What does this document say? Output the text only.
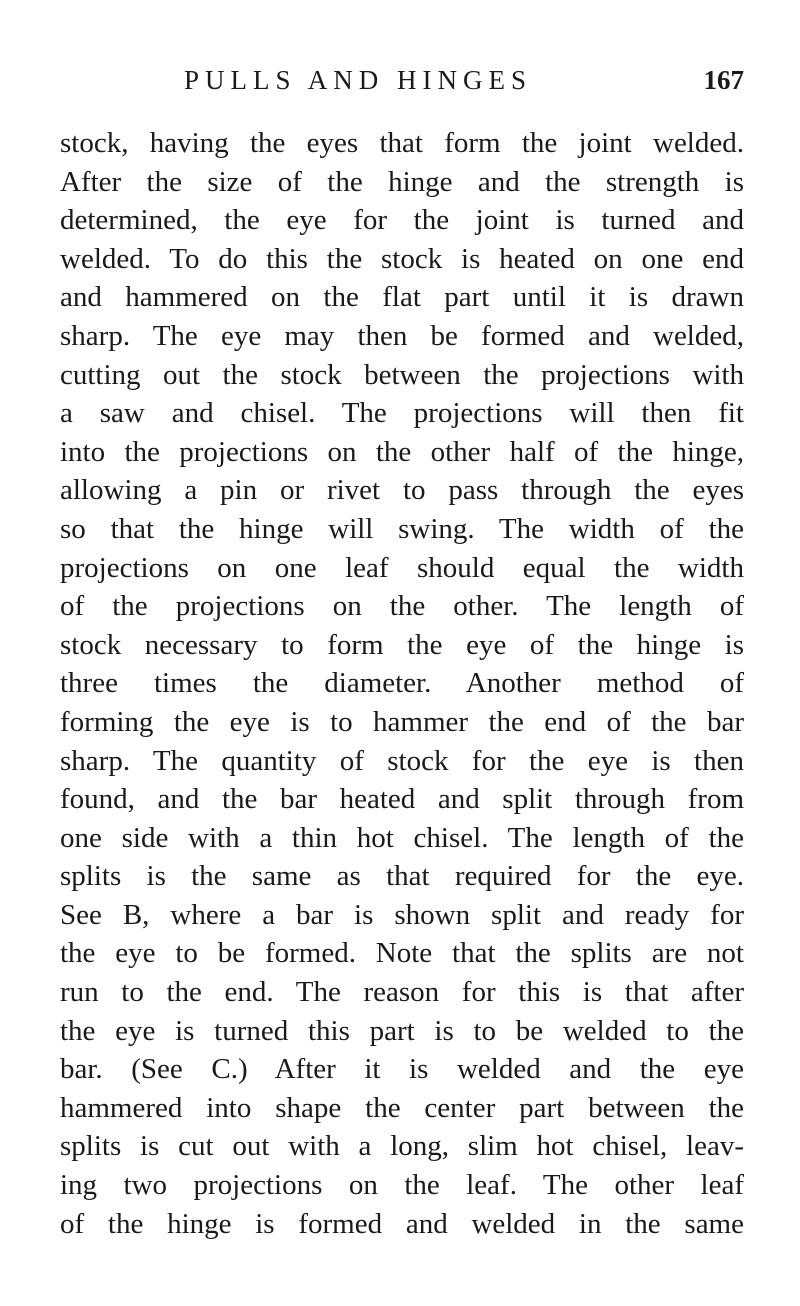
PULLS AND HINGES	167
stock, having the eyes that form the joint welded.
After the size of the hinge and the strength is
determined, the eye for the joint is turned and
welded. To do this the stock is heated on one end
and hammered on the flat part until it is drawn
sharp. The eye may then be formed and welded,
cutting out the stock between the projections with
a saw and chisel. The projections will then fit
into the projections on the other half of the hinge,
allowing a pin or rivet to pass through the eyes
so that the hinge will swing. The width of the
projections on one leaf should equal the width
of the projections on the other. The length of
stock necessary to form the eye of the hinge is
three times the diameter. Another method of
forming the eye is to hammer the end of the bar
sharp. The quantity of stock for the eye is then
found, and the bar heated and split through from
one side with a thin hot chisel. The length of the
splits is the same as that required for the eye.
See B, where a bar is shown split and ready for
the eye to be formed. Note that the splits are not
run to the end. The reason for this is that after
the eye is turned this part is to be welded to the
bar. (See C.) After it is welded and the eye
hammered into shape the center part between the
splits is cut out with a long, slim hot chisel, leav-
ing two projections on the leaf. The other leaf
of the hinge is formed and welded in the same
